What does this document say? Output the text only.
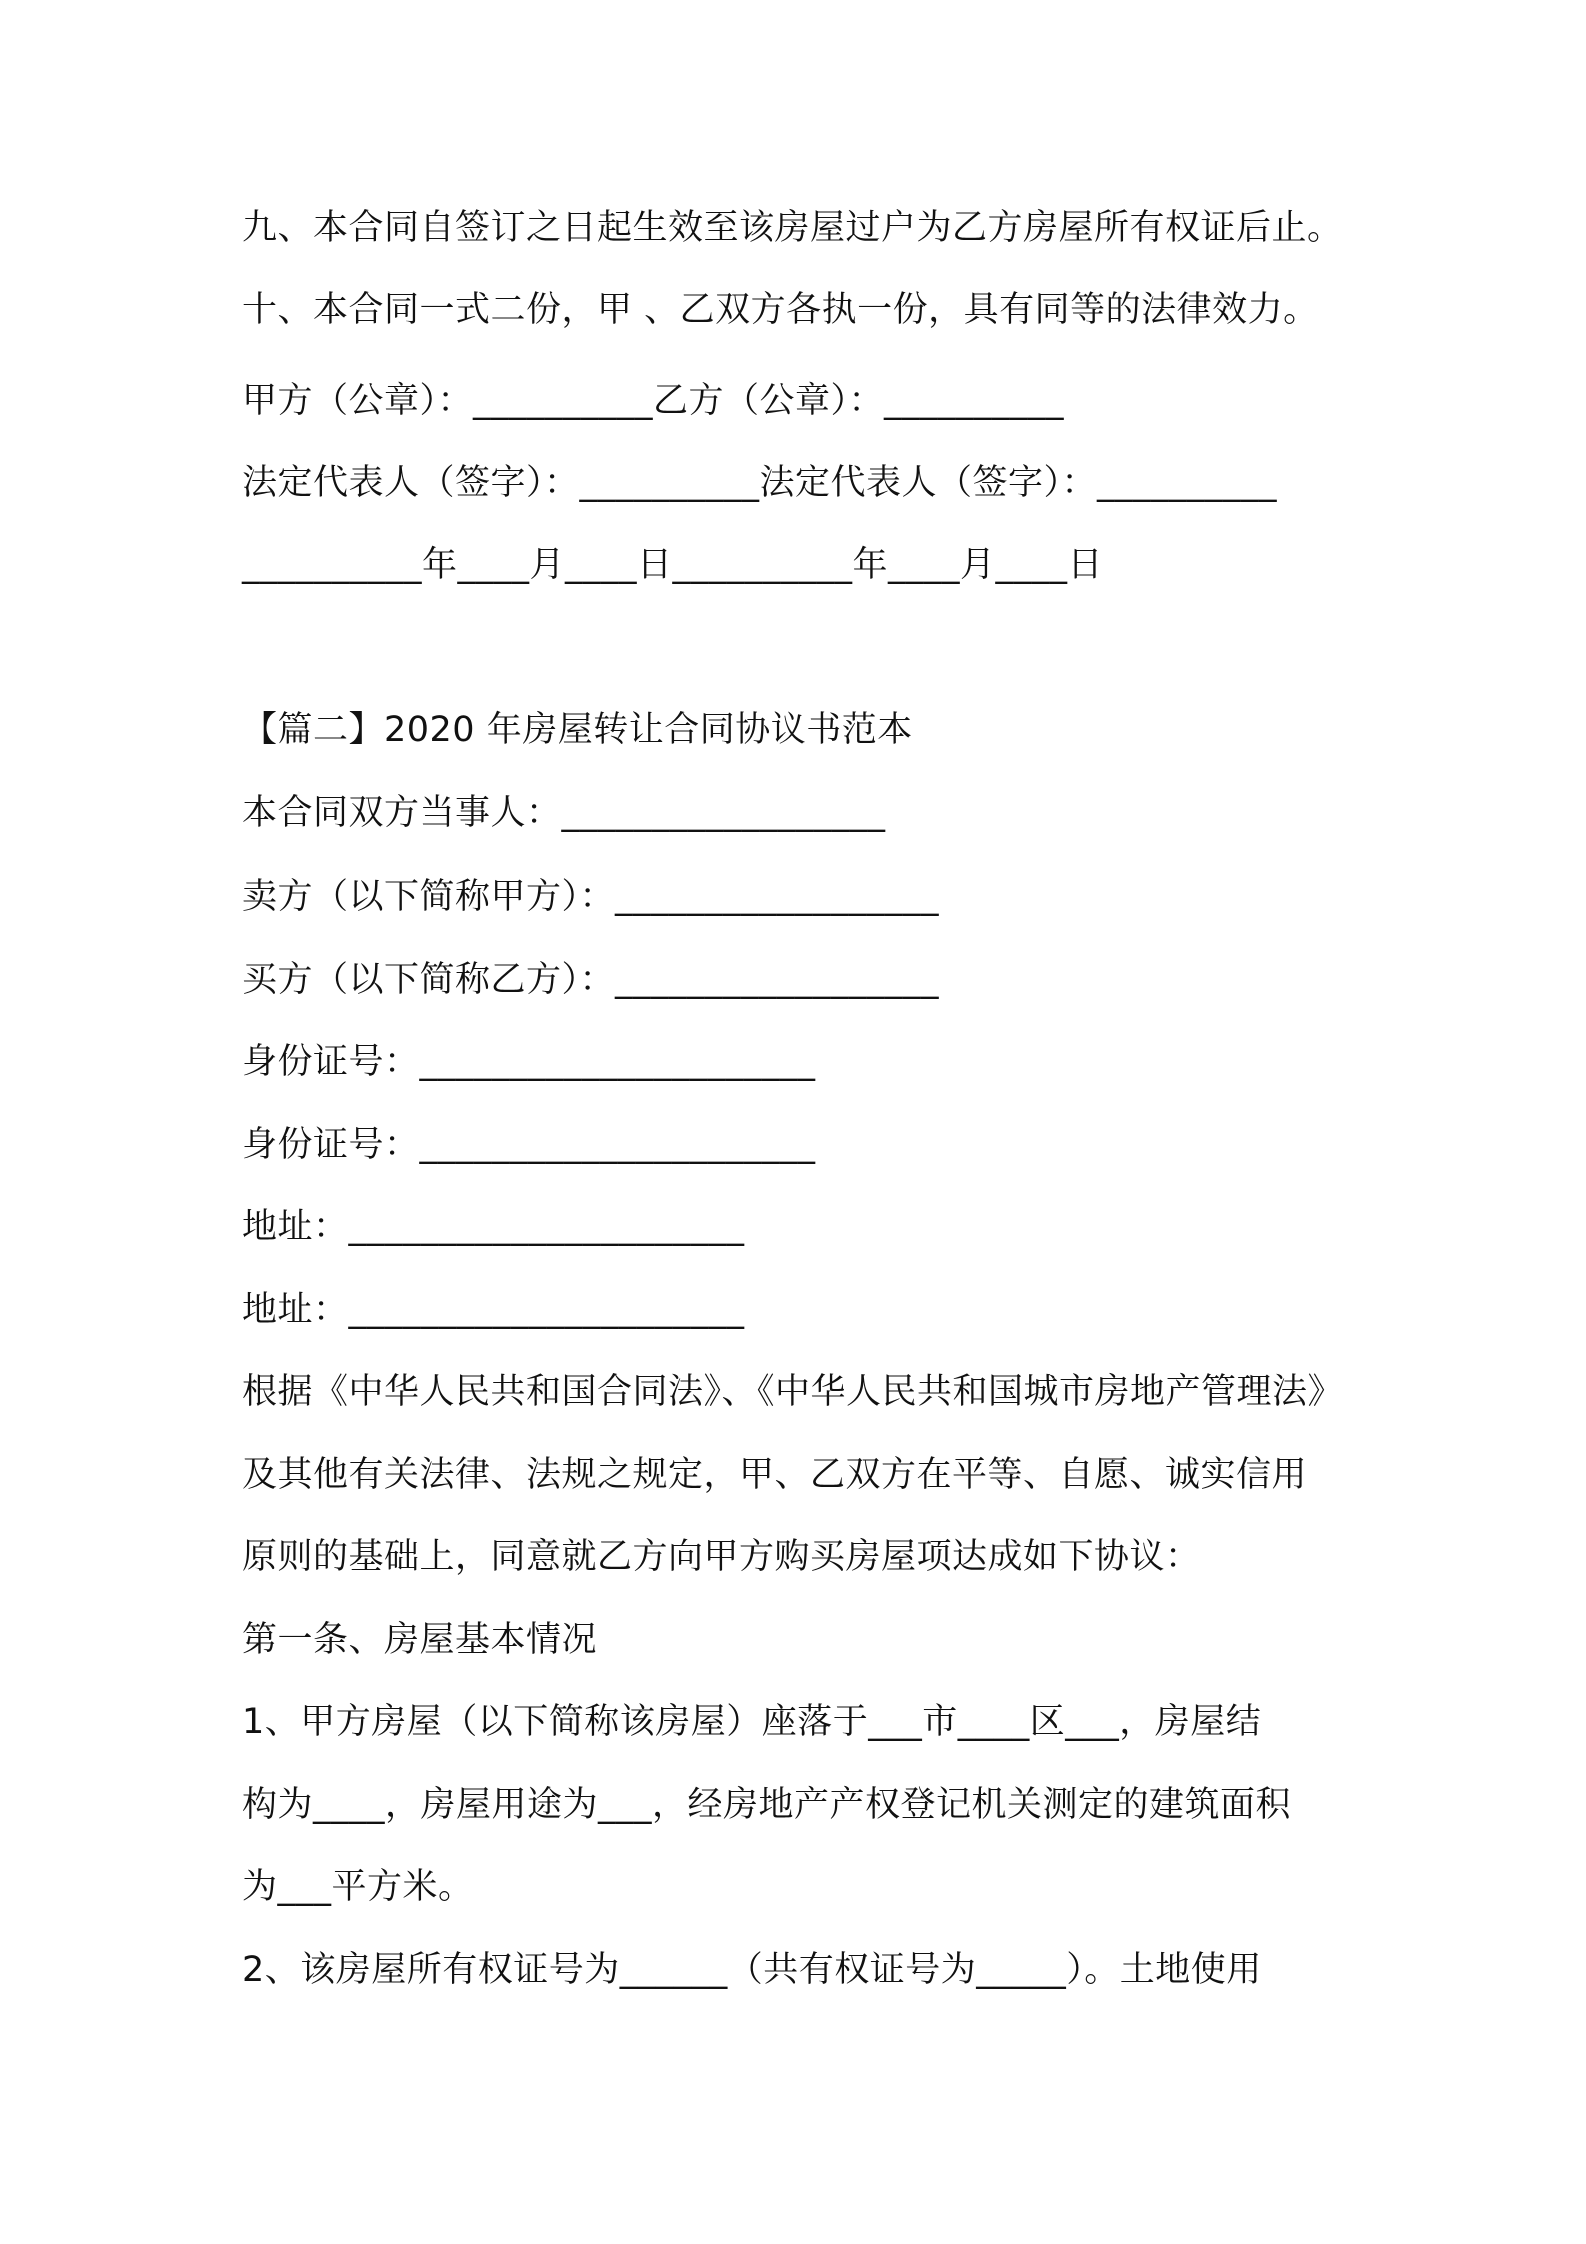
九、本合同自签订之日起生效至该房屋过户为乙方房屋所有权证后止。

十、本合同一式二份，甲 、乙双方各执一份，具有同等的法律效力。

甲方（公章）：__________乙方（公章）：__________

法定代表人（签字）：__________法定代表人（签字）：__________

__________年____月____日__________年____月____日

【篇二】2020 年房屋转让合同协议书范本

本合同双方当事人：__________________

卖方（以下简称甲方）：__________________

买方（以下简称乙方）：__________________

身份证号：______________________

身份证号：______________________

地址：______________________

地址：______________________

根据《中华人民共和国合同法》、《中华人民共和国城市房地产管理法》

及其他有关法律、法规之规定，甲、乙双方在平等、自愿、诚实信用

原则的基础上，同意就乙方向甲方购买房屋项达成如下协议：

第一条、房屋基本情况

1、甲方房屋（以下简称该房屋）座落于___市____区___，房屋结

构为____，房屋用途为___，经房地产产权登记机关测定的建筑面积

为___平方米。

2、该房屋所有权证号为______（共有权证号为_____）。土地使用
